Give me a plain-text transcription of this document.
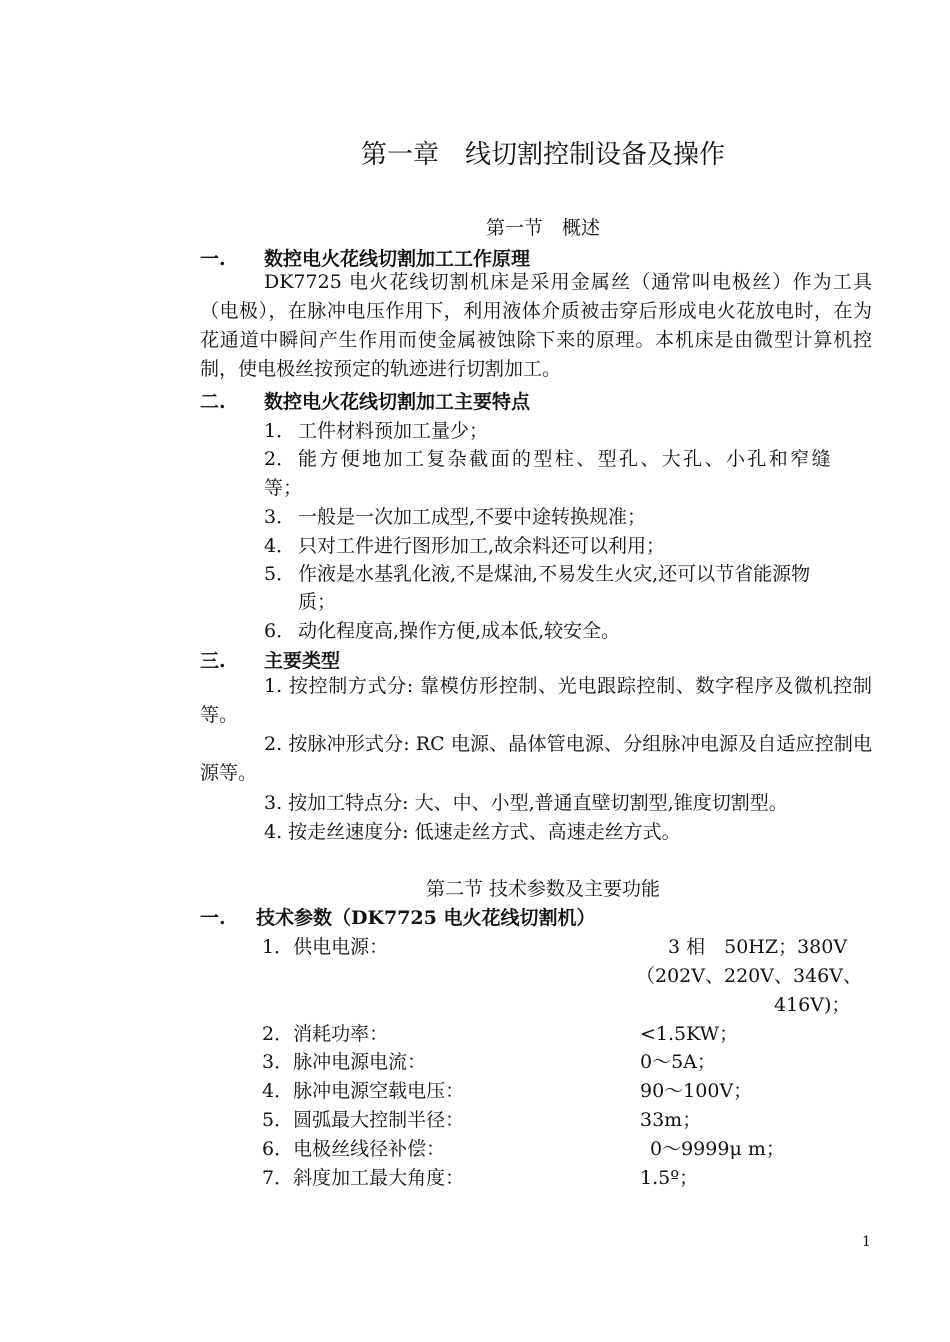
第一章　线切割控制设备及操作
第一节　概述
一. 数控电火花线切割加工工作原理
DK7725 电火花线切割机床是采用金属丝（通常叫电极丝）作为工具（电极），在脉冲电压作用下，利用液体介质被击穿后形成电火花放电时，在为花通道中瞬间产生作用而使金属被蚀除下来的原理。本机床是由微型计算机控制，使电极丝按预定的轨迹进行切割加工。
二. 数控电火花线切割加工主要特点
1． 工件材料预加工量少；
2． 能方便地加工复杂截面的型柱、型孔、大孔、小孔和窄缝
等；
3． 一般是一次加工成型,不要中途转换规准；
4． 只对工件进行图形加工,故余料还可以利用；
5． 作液是水基乳化液,不是煤油,不易发生火灾,还可以节省能源物
质；
6． 动化程度高,操作方便,成本低,较安全。
三. 主要类型
1. 按控制方式分: 靠模仿形控制、光电跟踪控制、数字程序及微机控制等。
2. 按脉冲形式分: RC 电源、晶体管电源、分组脉冲电源及自适应控制电源等。
3. 按加工特点分: 大、中、小型,普通直壁切割型,锥度切割型。
4. 按走丝速度分: 低速走丝方式、高速走丝方式。
第二节 技术参数及主要功能
一. 技术参数（DK7725 电火花线切割机）
1．供电电源：	3 相　50HZ；380V
（202V、220V、346V、
416V)；
2．消耗功率：	<1.5KW；
3．脉冲电源电流：	0～5A；
4．脉冲电源空载电压：	90～100V；
5．圆弧最大控制半径：	33m；
6．电极丝线径补偿：	0～9999μ m；
7．斜度加工最大角度：	1.5º；
1
